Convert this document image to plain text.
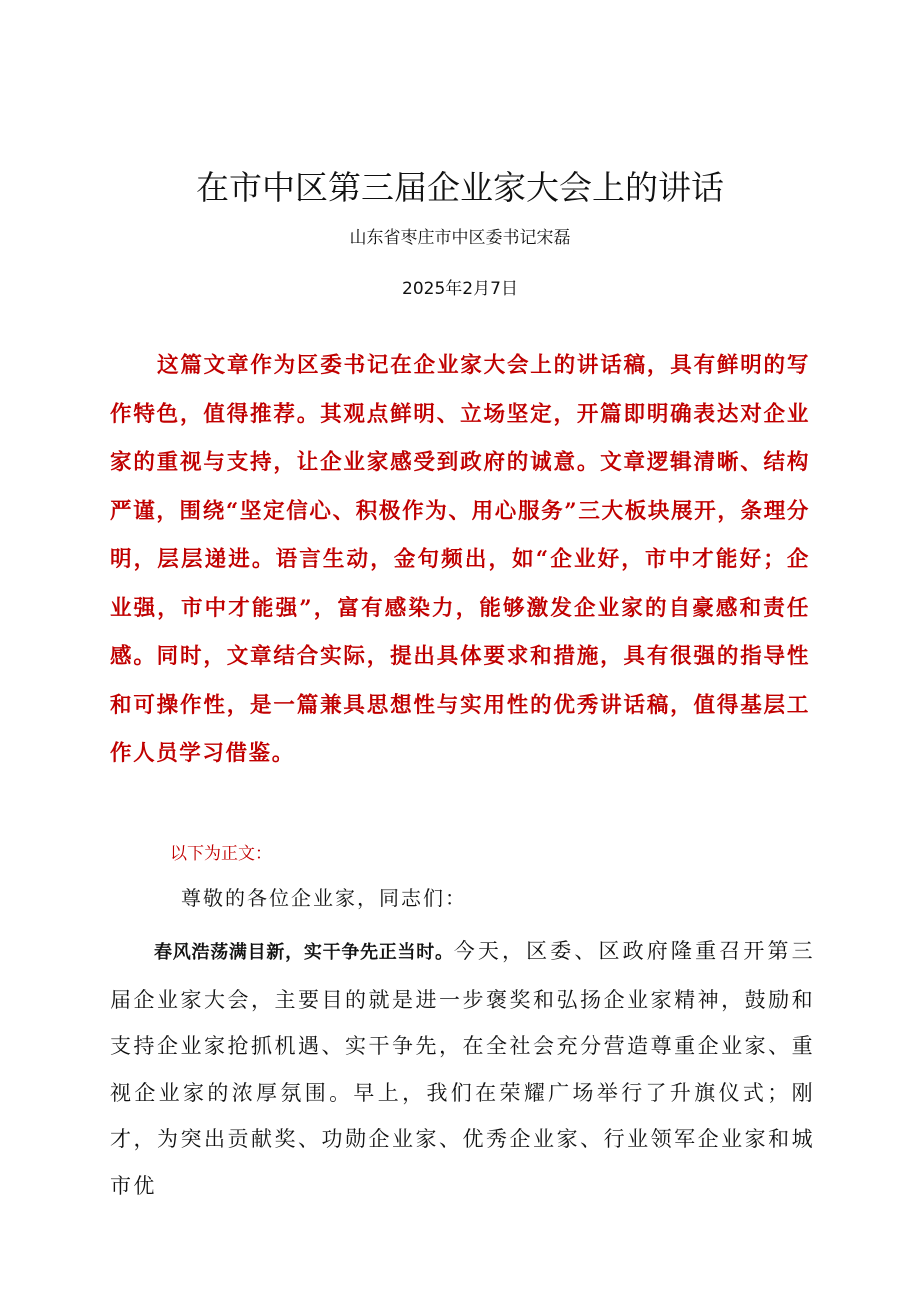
在市中区第三届企业家大会上的讲话
山东省枣庄市中区委书记宋磊
2025年2月7日

这篇文章作为区委书记在企业家大会上的讲话稿，具有鲜明的写作特色，值得推荐。其观点鲜明、立场坚定，开篇即明确表达对企业家的重视与支持，让企业家感受到政府的诚意。文章逻辑清晰、结构严谨，围绕“坚定信心、积极作为、用心服务”三大板块展开，条理分明，层层递进。语言生动，金句频出，如“企业好，市中才能好；企业强，市中才能强”，富有感染力，能够激发企业家的自豪感和责任感。同时，文章结合实际，提出具体要求和措施，具有很强的指导性和可操作性，是一篇兼具思想性与实用性的优秀讲话稿，值得基层工作人员学习借鉴。

以下为正文：
尊敬的各位企业家，同志们：

春风浩荡满目新，实干争先正当时。今天，区委、区政府隆重召开第三届企业家大会，主要目的就是进一步褒奖和弘扬企业家精神，鼓励和支持企业家抢抓机遇、实干争先，在全社会充分营造尊重企业家、重视企业家的浓厚氛围。早上，我们在荣耀广场举行了升旗仪式；刚才，为突出贡献奖、功勋企业家、优秀企业家、行业领军企业家和城市优
